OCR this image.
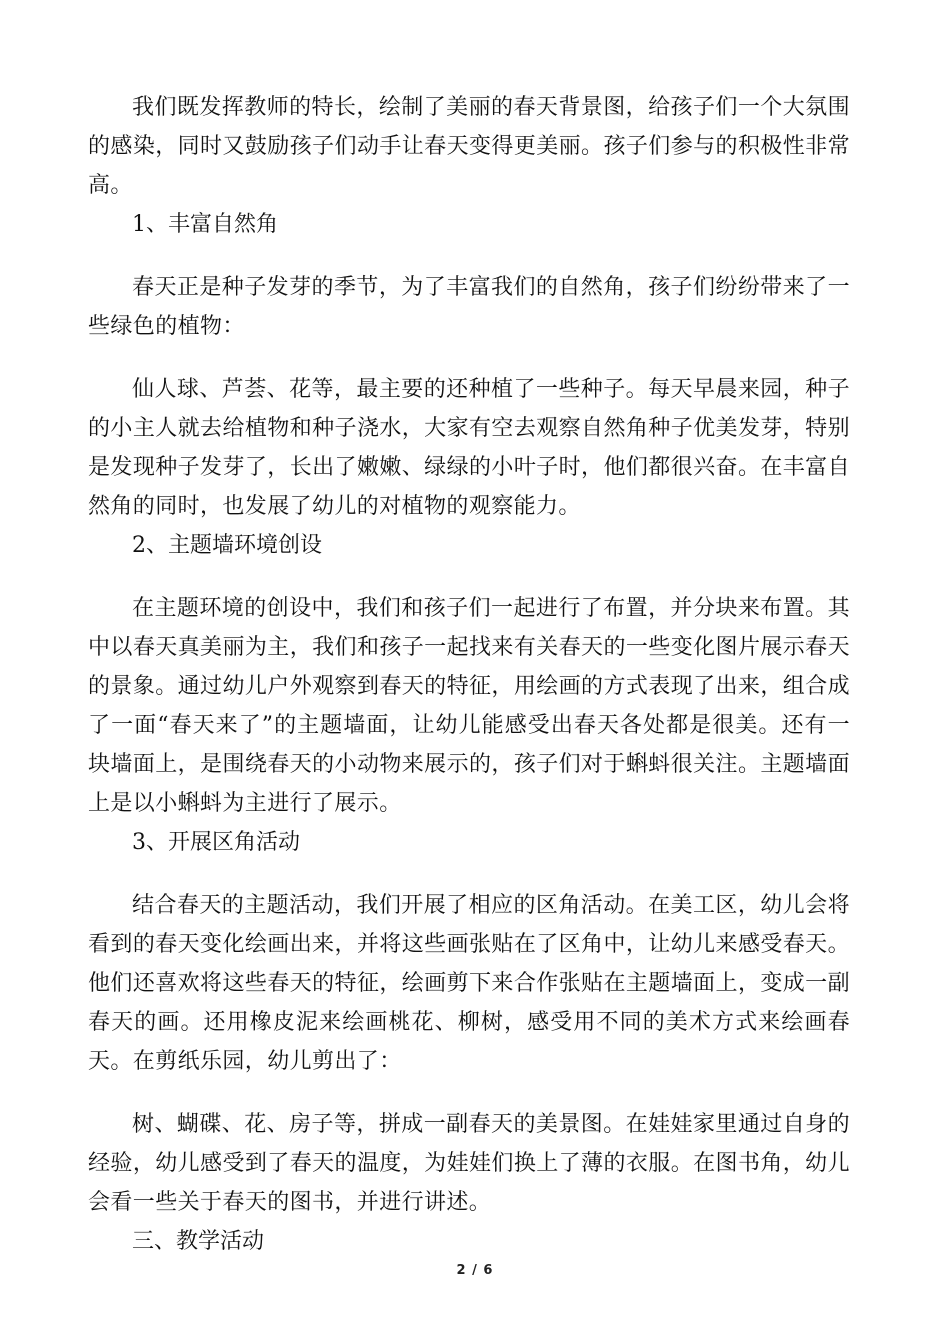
我们既发挥教师的特长，绘制了美丽的春天背景图，给孩子们一个大氛围的感染，同时又鼓励孩子们动手让春天变得更美丽。孩子们参与的积极性非常高。

1、丰富自然角

春天正是种子发芽的季节，为了丰富我们的自然角，孩子们纷纷带来了一些绿色的植物：

仙人球、芦荟、花等，最主要的还种植了一些种子。每天早晨来园，种子的小主人就去给植物和种子浇水，大家有空去观察自然角种子优美发芽，特别是发现种子发芽了，长出了嫩嫩、绿绿的小叶子时，他们都很兴奋。在丰富自然角的同时，也发展了幼儿的对植物的观察能力。

2、主题墙环境创设

在主题环境的创设中，我们和孩子们一起进行了布置，并分块来布置。其中以春天真美丽为主，我们和孩子一起找来有关春天的一些变化图片展示春天的景象。通过幼儿户外观察到春天的特征，用绘画的方式表现了出来，组合成了一面“春天来了”的主题墙面，让幼儿能感受出春天各处都是很美。还有一块墙面上，是围绕春天的小动物来展示的，孩子们对于蝌蚪很关注。主题墙面上是以小蝌蚪为主进行了展示。

3、开展区角活动

结合春天的主题活动，我们开展了相应的区角活动。在美工区，幼儿会将看到的春天变化绘画出来，并将这些画张贴在了区角中，让幼儿来感受春天。他们还喜欢将这些春天的特征，绘画剪下来合作张贴在主题墙面上，变成一副春天的画。还用橡皮泥来绘画桃花、柳树，感受用不同的美术方式来绘画春天。在剪纸乐园，幼儿剪出了：

树、蝴碟、花、房子等，拼成一副春天的美景图。在娃娃家里通过自身的经验，幼儿感受到了春天的温度，为娃娃们换上了薄的衣服。在图书角，幼儿会看一些关于春天的图书，并进行讲述。

三、教学活动

2 / 6
